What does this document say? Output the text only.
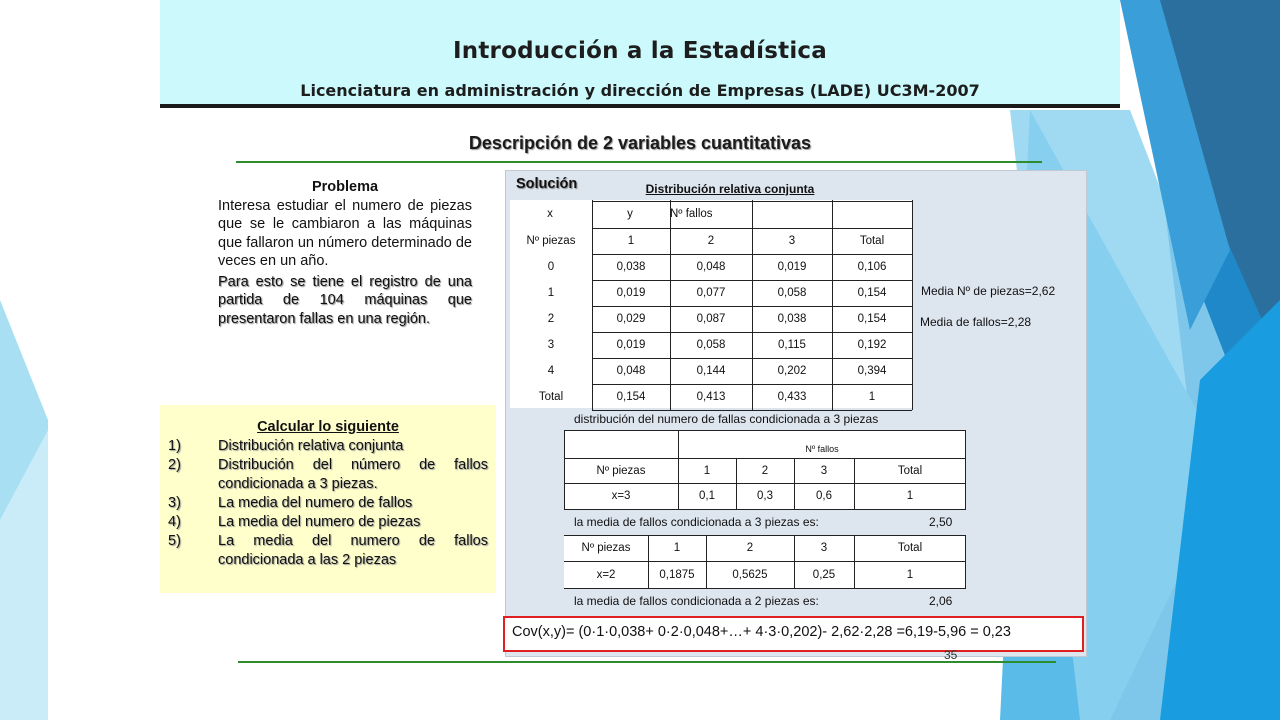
Introducción a la Estadística
Licenciatura en administración y dirección de Empresas (LADE) UC3M-2007
Descripción de 2 variables cuantitativas
Problema

Interesa estudiar el numero de piezas que se le cambiaron a las máquinas que fallaron un número determinado de veces en un año.

Para esto se tiene el registro de una partida de 104 máquinas que presentaron fallas en una región.

Calcular lo siguiente
1)	Distribución relativa conjunta
2)	Distribución del número de fallos condicionada a 3 piezas.
3)	La media del numero de fallos
4)	La media del numero de piezas
5)	La media del numero de fallos condicionada a las 2 piezas
Solución	Distribución relativa conjunta
x	y	Nº fallos
Nº piezas	1	2	3	Total
0	0,038	0,048	0,019	0,106
1	0,019	0,077	0,058	0,154
2	0,029	0,087	0,038	0,154
3	0,019	0,058	0,115	0,192
4	0,048	0,144	0,202	0,394
Total	0,154	0,413	0,433	1
Media Nº de piezas=2,62
Media de fallos=2,28
distribución del numero de fallas condicionada a 3 piezas
Nº fallos
Nº piezas	1	2	3	Total
x=3	0,1	0,3	0,6	1
la media de fallos condicionada a 3 piezas es:	2,50
Nº piezas	1	2	3	Total
x=2	0,1875	0,5625	0,25	1
la media de fallos condicionada a 2 piezas es:	2,06
Cov(x,y)= (0·1·0,038+ 0·2·0,048+…+ 4·3·0,202)- 2,62·2,28 =6,19-5,96 = 0,23
35
